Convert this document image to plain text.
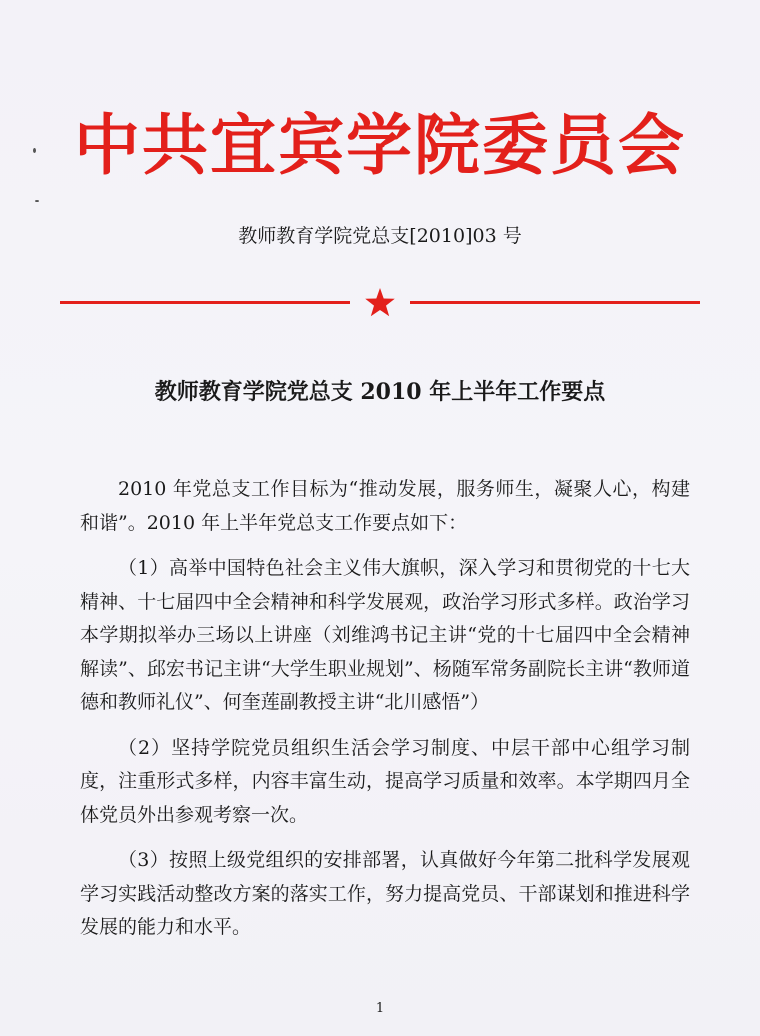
中共宜宾学院委员会
教师教育学院党总支[2010]03 号
教师教育学院党总支 2010 年上半年工作要点

2010 年党总支工作目标为“推动发展，服务师生，凝聚人心，构建和谐”。2010 年上半年党总支工作要点如下：

（1）高举中国特色社会主义伟大旗帜，深入学习和贯彻党的十七大精神、十七届四中全会精神和科学发展观，政治学习形式多样。政治学习本学期拟举办三场以上讲座（刘维鸿书记主讲“党的十七届四中全会精神解读”、邱宏书记主讲“大学生职业规划”、杨随军常务副院长主讲“教师道德和教师礼仪”、何奎莲副教授主讲“北川感悟”）

（2）坚持学院党员组织生活会学习制度、中层干部中心组学习制度，注重形式多样，内容丰富生动，提高学习质量和效率。本学期四月全体党员外出参观考察一次。

（3）按照上级党组织的安排部署，认真做好今年第二批科学发展观学习实践活动整改方案的落实工作，努力提高党员、干部谋划和推进科学发展的能力和水平。

1
